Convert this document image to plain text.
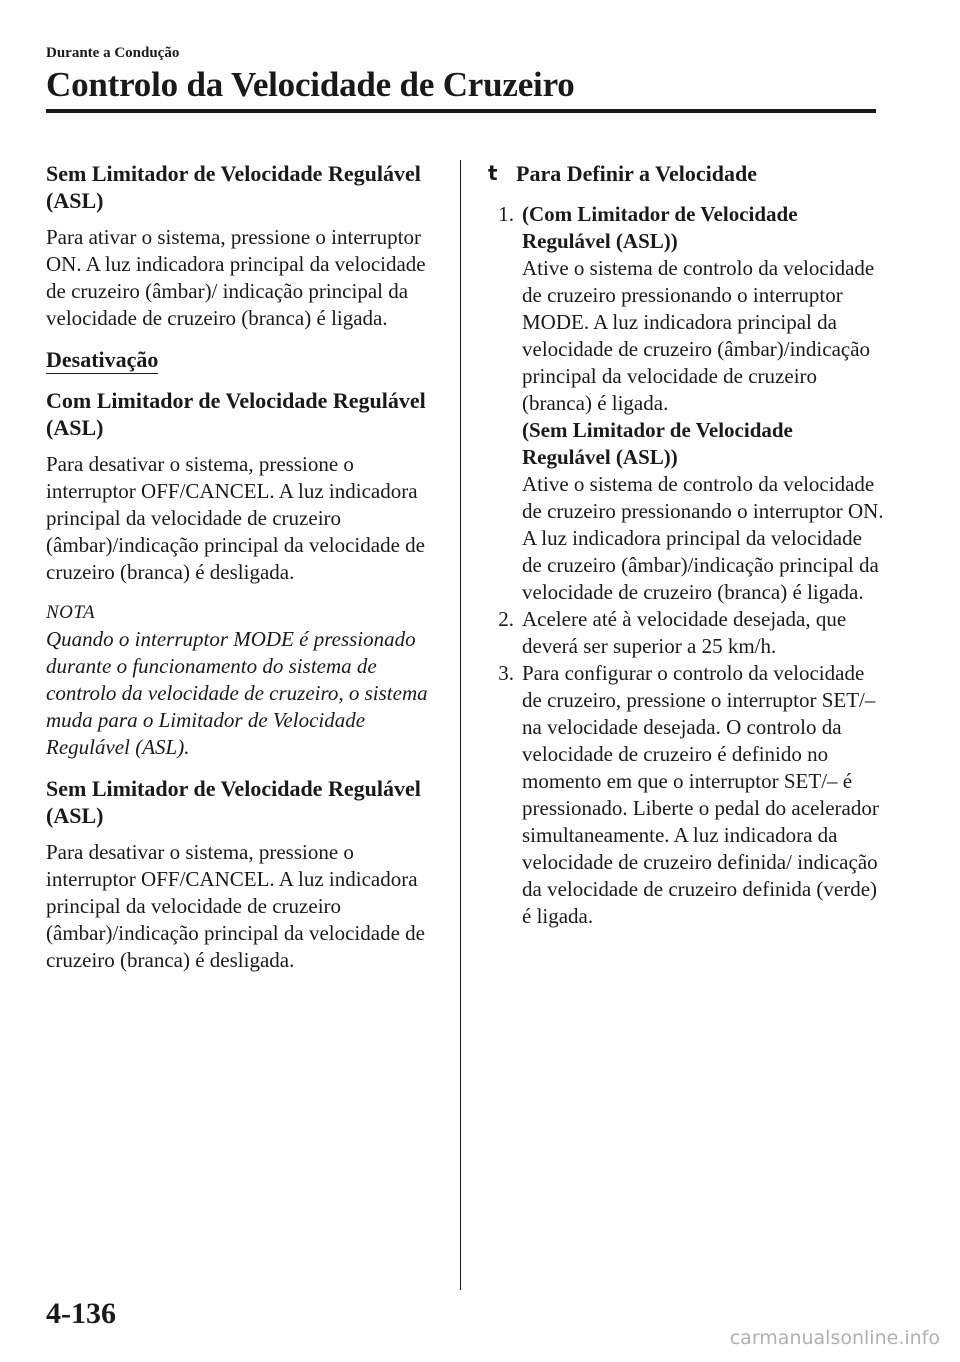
Durante a Condução
Controlo da Velocidade de Cruzeiro
Sem Limitador de Velocidade Regulável (ASL)
Para ativar o sistema, pressione o interruptor ON. A luz indicadora principal da velocidade de cruzeiro (âmbar)/ indicação principal da velocidade de cruzeiro (branca) é ligada.
Desativação
Com Limitador de Velocidade Regulável (ASL)
Para desativar o sistema, pressione o interruptor OFF/CANCEL. A luz indicadora principal da velocidade de cruzeiro (âmbar)/indicação principal da velocidade de cruzeiro (branca) é desligada.
NOTA
Quando o interruptor MODE é pressionado durante o funcionamento do sistema de controlo da velocidade de cruzeiro, o sistema muda para o Limitador de Velocidade Regulável (ASL).
Sem Limitador de Velocidade Regulável (ASL)
Para desativar o sistema, pressione o interruptor OFF/CANCEL. A luz indicadora principal da velocidade de cruzeiro (âmbar)/indicação principal da velocidade de cruzeiro (branca) é desligada.
t Para Definir a Velocidade
1. (Com Limitador de Velocidade Regulável (ASL))
Ative o sistema de controlo da velocidade de cruzeiro pressionando o interruptor MODE. A luz indicadora principal da velocidade de cruzeiro (âmbar)/indicação principal da velocidade de cruzeiro (branca) é ligada.
(Sem Limitador de Velocidade Regulável (ASL))
Ative o sistema de controlo da velocidade de cruzeiro pressionando o interruptor ON. A luz indicadora principal da velocidade de cruzeiro (âmbar)/indicação principal da velocidade de cruzeiro (branca) é ligada.
2. Acelere até à velocidade desejada, que deverá ser superior a 25 km/h.
3. Para configurar o controlo da velocidade de cruzeiro, pressione o interruptor SET/– na velocidade desejada. O controlo da velocidade de cruzeiro é definido no momento em que o interruptor SET/– é pressionado. Liberte o pedal do acelerador simultaneamente. A luz indicadora da velocidade de cruzeiro definida/ indicação da velocidade de cruzeiro definida (verde) é ligada.
4-136
carmanualsonline.info
